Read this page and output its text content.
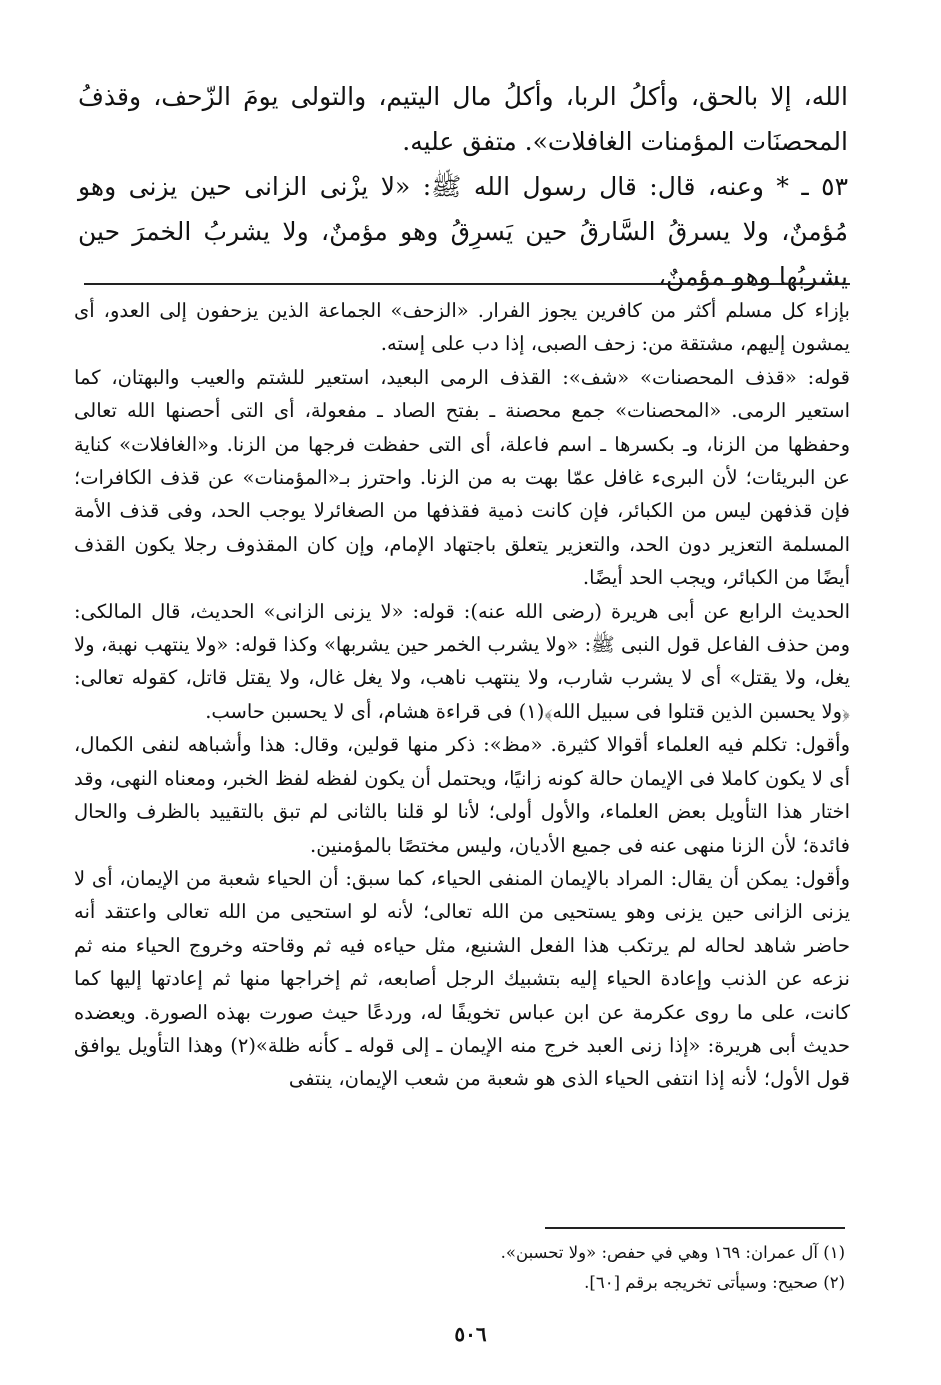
الله، إلا بالحق، وأكلُ الربا، وأكلُ مال اليتيم، والتولى يومَ الزّحف، وقذفُ المحصنَات المؤمنات الغافلات». متفق عليه.

٥٣ ـ * وعنه، قال: قال رسول الله ﷺ: «لا يزْنى الزانى حين يزنى وهو مُؤمنٌ، ولا يسرقُ السَّارقُ حين يَسرِقُ وهو مؤمنٌ، ولا يشربُ الخمرَ حين يشربُها وهو مؤمنٌ،

بإزاء كل مسلم أكثر من كافرين يجوز الفرار. «الزحف» الجماعة الذين يزحفون إلى العدو، أى يمشون إليهم، مشتقة من: زحف الصبى، إذا دب على إسته.

قوله: «قذف المحصنات» «شف»: القذف الرمى البعيد، استعير للشتم والعيب والبهتان، كما استعير الرمى. «المحصنات» جمع محصنة ـ بفتح الصاد ـ مفعولة، أى التى أحصنها الله تعالى وحفظها من الزنا، وـ بكسرها ـ اسم فاعلة، أى التى حفظت فرجها من الزنا. و«الغافلات» كناية عن البريئات؛ لأن البرىء غافل عمّا بهت به من الزنا. واحترز بـ«المؤمنات» عن قذف الكافرات؛ فإن قذفهن ليس من الكبائر، فإن كانت ذمية فقذفها من الصغائرلا يوجب الحد، وفى قذف الأمة المسلمة التعزير دون الحد، والتعزير يتعلق باجتهاد الإمام، وإن كان المقذوف رجلا يكون القذف أيضًا من الكبائر، ويجب الحد أيضًا.

الحديث الرابع عن أبى هريرة (رضى الله عنه): قوله: «لا يزنى الزانى» الحديث، قال المالكى: ومن حذف الفاعل قول النبى ﷺ: «ولا يشرب الخمر حين يشربها» وكذا قوله: «ولا ينتهب نهبة، ولا يغل، ولا يقتل» أى لا يشرب شارب، ولا ينتهب ناهب، ولا يغل غال، ولا يقتل قاتل، كقوله تعالى: ﴿ولا يحسبن الذين قتلوا فى سبيل الله﴾(١) فى قراءة هشام، أى لا يحسبن حاسب.

وأقول: تكلم فيه العلماء أقوالا كثيرة. «مظ»: ذكر منها قولين، وقال: هذا وأشباهه لنفى الكمال، أى لا يكون كاملا فى الإيمان حالة كونه زانيًا، ويحتمل أن يكون لفظه لفظ الخبر، ومعناه النهى، وقد اختار هذا التأويل بعض العلماء، والأول أولى؛ لأنا لو قلنا بالثانى لم تبق بالتقييد بالظرف والحال فائدة؛ لأن الزنا منهى عنه فى جميع الأديان، وليس مختصًا بالمؤمنين.

وأقول: يمكن أن يقال: المراد بالإيمان المنفى الحياء، كما سبق: أن الحياء شعبة من الإيمان، أى لا يزنى الزانى حين يزنى وهو يستحيى من الله تعالى؛ لأنه لو استحيى من الله تعالى واعتقد أنه حاضر شاهد لحاله لم يرتكب هذا الفعل الشنيع، مثل حياءه فيه ثم وقاحته وخروج الحياء منه ثم نزعه عن الذنب وإعادة الحياء إليه بتشبيك الرجل أصابعه، ثم إخراجها منها ثم إعادتها إليها كما كانت، على ما روى عكرمة عن ابن عباس تخويفًا له، وردعًا حيث صورت بهذه الصورة. ويعضده حديث أبى هريرة: «إذا زنى العبد خرج منه الإيمان ـ إلى قوله ـ كأنه ظلة»(٢) وهذا التأويل يوافق قول الأول؛ لأنه إذا انتفى الحياء الذى هو شعبة من شعب الإيمان، ينتفى

(١) آل عمران: ١٦٩ وهي في حفص: «ولا تحسبن».

(٢) صحيح: وسيأتى تخريجه برقم [٦٠].

٥٠٦
